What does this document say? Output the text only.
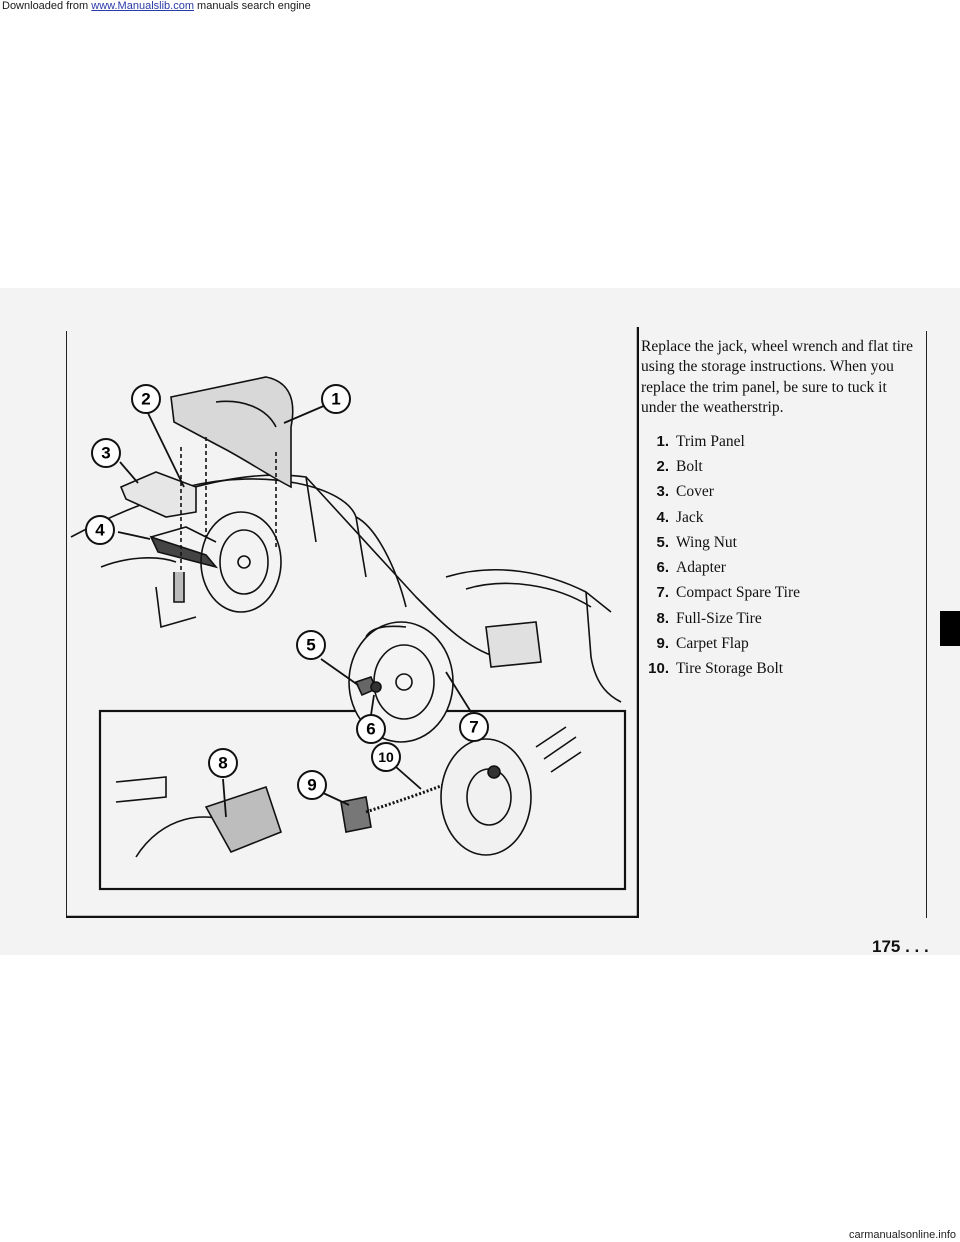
Downloaded from www.Manualslib.com manuals search engine
1
2
3
4
5
6	7
8
9
10

Replace the jack, wheel wrench and flat tire using the storage instructions. When you replace the trim panel, be sure to tuck it under the weatherstrip.

1. Trim Panel
2. Bolt
3. Cover
4. Jack
5. Wing Nut
6. Adapter
7. Compact Spare Tire
8. Full-Size Tire
9. Carpet Flap
10. Tire Storage Bolt
175 . . .
carmanualsonline.info
